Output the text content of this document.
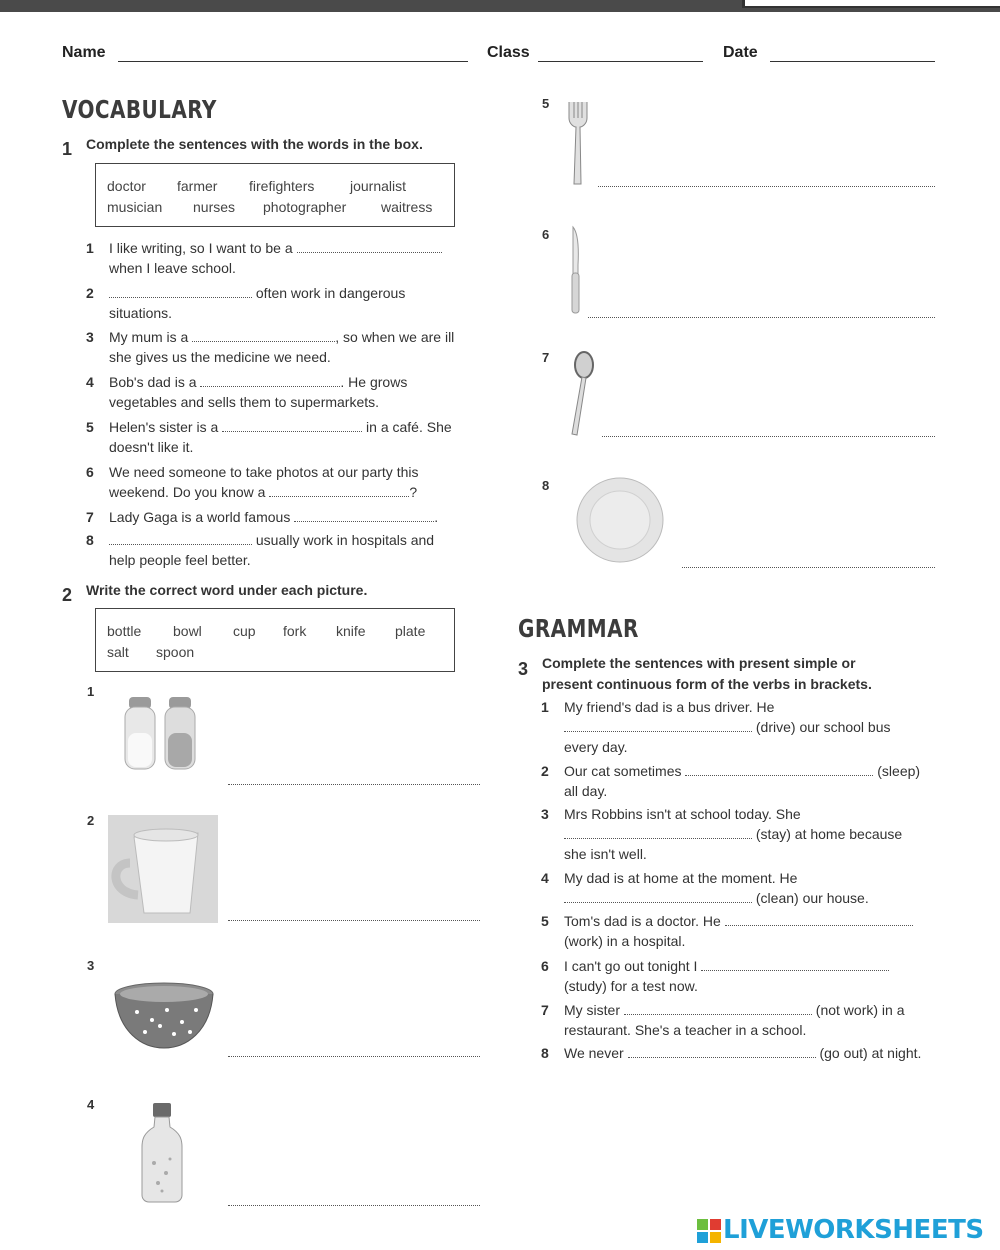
Name	Class	Date
VOCABULARY
1 Complete the sentences with the words in the box.
doctor farmer firefighters	journalist
musician nurses photographer waitress
1 I like writing, so I want to be a
when I leave school.
2	often work in dangerous
situations.
3 My mum is a	, so when we are ill
she gives us the medicine we need.
4 Bob's dad is a	. He grows
vegetables and sells them to supermarkets.
5 Helen's sister is a	in a café. She
doesn't like it.
6 We need someone to take photos at our party this
weekend. Do you know a	?
7 Lady Gaga is a world famous	.
8	usually work in hospitals and
help people feel better.
2 Write the correct word under each picture.
bottle bowl cup fork knife plate
salt spoon
1
2
3
4
5
6
7
8
GRAMMAR
3 Complete the sentences with present simple or
present continuous form of the verbs in brackets.
1 My friend's dad is a bus driver. He
(drive) our school bus
every day.
2 Our cat sometimes	(sleep)
all day.
3 Mrs Robbins isn't at school today. She
(stay) at home because
she isn't well.
4 My dad is at home at the moment. He
(clean) our house.
5 Tom's dad is a doctor. He
(work) in a hospital.
6 I can't go out tonight I
(study) for a test now.
7 My sister	(not work) in a
restaurant. She's a teacher in a school.
8 We never	(go out) at night.
LIVEWORKSHEETS
